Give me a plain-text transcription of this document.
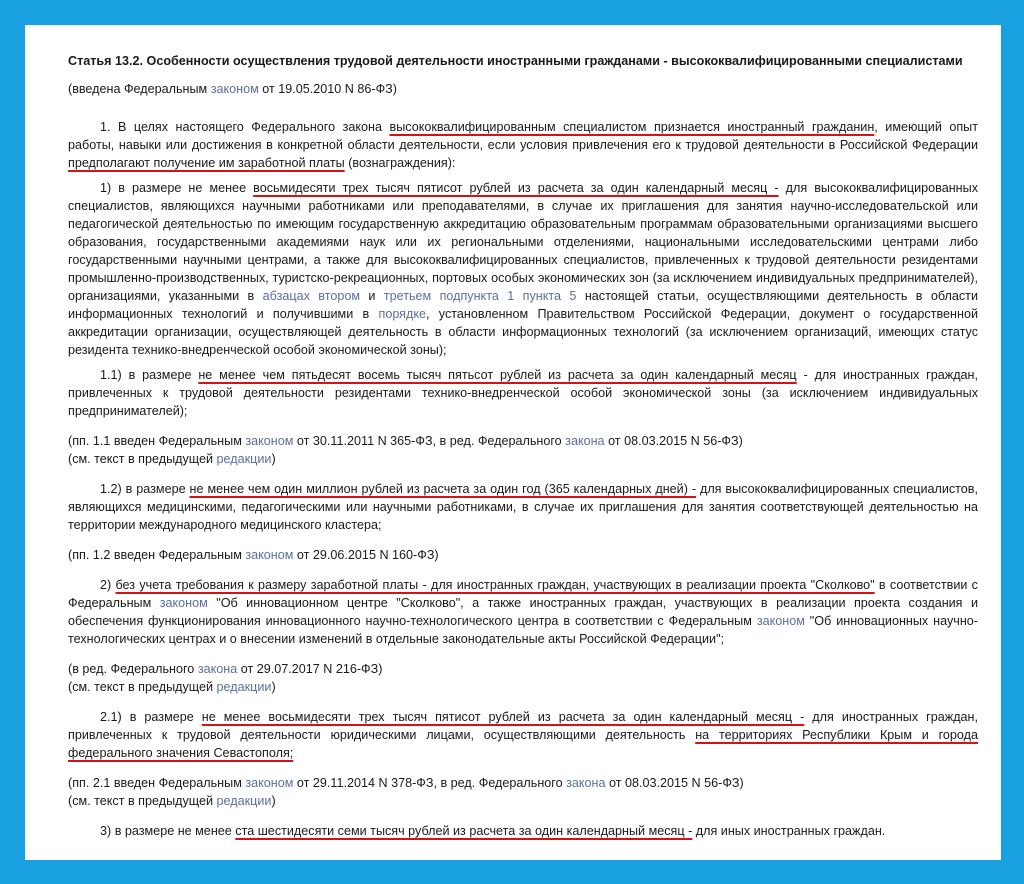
Статья 13.2. Особенности осуществления трудовой деятельности иностранными гражданами - высококвалифицированными специалистами

(введена Федеральным законом от 19.05.2010 N 86-ФЗ)

1. В целях настоящего Федерального закона высококвалифицированным специалистом признается иностранный гражданин, имеющий опыт работы, навыки или достижения в конкретной области деятельности, если условия привлечения его к трудовой деятельности в Российской Федерации предполагают получение им заработной платы (вознаграждения):

1) в размере не менее восьмидесяти трех тысяч пятисот рублей из расчета за один календарный месяц - для высококвалифицированных специалистов, являющихся научными работниками или преподавателями, в случае их приглашения для занятия научно-исследовательской или педагогической деятельностью по имеющим государственную аккредитацию образовательным программам образовательными организациями высшего образования, государственными академиями наук или их региональными отделениями, национальными исследовательскими центрами либо государственными научными центрами, а также для высококвалифицированных специалистов, привлеченных к трудовой деятельности резидентами промышленно-производственных, туристско-рекреационных, портовых особых экономических зон (за исключением индивидуальных предпринимателей), организациями, указанными в абзацах втором и третьем подпункта 1 пункта 5 настоящей статьи, осуществляющими деятельность в области информационных технологий и получившими в порядке, установленном Правительством Российской Федерации, документ о государственной аккредитации организации, осуществляющей деятельность в области информационных технологий (за исключением организаций, имеющих статус резидента технико-внедренческой особой экономической зоны);

1.1) в размере не менее чем пятьдесят восемь тысяч пятьсот рублей из расчета за один календарный месяц - для иностранных граждан, привлеченных к трудовой деятельности резидентами технико-внедренческой особой экономической зоны (за исключением индивидуальных предпринимателей);

(пп. 1.1 введен Федеральным законом от 30.11.2011 N 365-ФЗ, в ред. Федерального закона от 08.03.2015 N 56-ФЗ)
(см. текст в предыдущей редакции)

1.2) в размере не менее чем один миллион рублей из расчета за один год (365 календарных дней) - для высококвалифицированных специалистов, являющихся медицинскими, педагогическими или научными работниками, в случае их приглашения для занятия соответствующей деятельностью на территории международного медицинского кластера;

(пп. 1.2 введен Федеральным законом от 29.06.2015 N 160-ФЗ)

2) без учета требования к размеру заработной платы - для иностранных граждан, участвующих в реализации проекта "Сколково" в соответствии с Федеральным законом "Об инновационном центре "Сколково", а также иностранных граждан, участвующих в реализации проекта создания и обеспечения функционирования инновационного научно-технологического центра в соответствии с Федеральным законом "Об инновационных научно-технологических центрах и о внесении изменений в отдельные законодательные акты Российской Федерации";

(в ред. Федерального закона от 29.07.2017 N 216-ФЗ)
(см. текст в предыдущей редакции)

2.1) в размере не менее восьмидесяти трех тысяч пятисот рублей из расчета за один календарный месяц - для иностранных граждан, привлеченных к трудовой деятельности юридическими лицами, осуществляющими деятельность на территориях Республики Крым и города федерального значения Севастополя;

(пп. 2.1 введен Федеральным законом от 29.11.2014 N 378-ФЗ, в ред. Федерального закона от 08.03.2015 N 56-ФЗ)
(см. текст в предыдущей редакции)

3) в размере не менее ста шестидесяти семи тысяч рублей из расчета за один календарный месяц - для иных иностранных граждан.
